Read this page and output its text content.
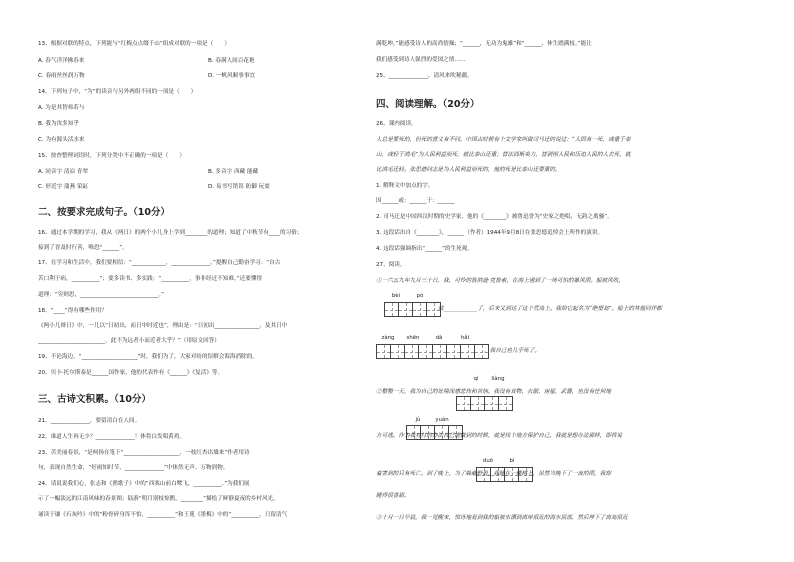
13、根据对联的特点，下列能与“红梅点点缀千山”组成对联的一项是（　　）
A. 春气洋洋拂春来	B. 春满人间百花艳
C. 春雨丝丝润万物	D. 一帆风顺事事宜
14、下列句子中，“为”的读音与另外两组不同的一项是（　　）
A. 为是其智弗若与
B. 我为汝多知乎
C. 为有源头活水来
15、按查整理词语时，下列分类中不正确的一项是（　　）
A. 同音字 清凉 青翠	B. 多音字 西藏 能藏
C. 形近字 蒲燕 染缸	D. 易书写错误 防御 玩耍
二、按要求完成句子。（10分）
16、通过本学期的学习，我从《两日》的两个小儿身上学到________的道理；知道了中秋节有____的习俗；
接到了晋及时行善，唯恐“______”。
17、在学习和生活中，我们要相信：“____________，______________。”提醒自己勤奋学习：“自古
苦口利于病，__________”；要多读书、多实践：“__________，事非经过不知难。”还要懂得
道理：“穷则思，____________________________。”
18、“____”得有哪些作用？
《两小儿辩日》中，一儿以“日初出，而日中时近也”，理由是：“日初出________________，及其日中
________________________，此不为远者小而近者大乎？”（用原文回答）
19、不论海边，“____________________”时，我们为了，大家对纷的误解会海海消除的。
20、贝卡·托尔斯泰是______国作家，他的代表作有《______》《复活》等。
三、古诗文积累。（10分）
21、______________，要留清白在人间。
22、谁道人生再无少？______________！休将白发唱黄鸡。
23、苦美丽春景，“是柯扬在笔下“____________________，一枝红杏出墙来”作者用诗
句，表现自然生命，“好雨知时节，______________”中体然无声、万物润物。
24、请说说我们心，张志和《渔歌子》中的“西塞山前白鹭飞，__________。”为我们展
示了一幅淡远的江南风味的春景图；陆游“明月别枝惊鹊，________”描绘了鲜静夏夜的乡村风光，
诵读于谦《石灰吟》中的“粉骨碎身浑不怕，__________”和王冕《墨梅》中的“__________，只留清气
满乾坤。”能感受诗人的高尚情操；“______，无功为鬼雄”和“______，休生踏满枝。”能让
我们感受到诗人强烈的爱国之情……
25、______________，清风来吹秘疆。
四、阅读理解。（20分）
26、课内阅读。
人总是要死的，但死的意义有不同。中国古时候有个文学家叫做司马迁的说过：“人固有一死，或重于泰
山，或轻于鸿毛”为人民利益而死，就比泰山还重；替法西斯卖力，替剥削人民和压迫人民的人去死，就
比鸿毛还轻。张思德同志是为人民利益而死的，他的死是比泰山还要重的。
1. 解释文中加点的字。
因______或：______于：______
2. 司马迁是中国西汉时期的史学家，他的《________》被鲁迅誉为“史家之绝唱，无韵之离骚”。
3. 这段话出自《________》，______（作者）1944年9月8日在张思德追悼会上所作的演讲。
4. 这段话强调指出“______”的生死观。
27、阅读。
①一六五九年九月三十日，我，可怜的鲁滨逊·克鲁索，在海上遇到了一场可怕的暴风雨。船被风吹，
bèi	pò
成____________了，后来又到达了这个荒岛上。我给它起名为“绝望岛”。船上的其他同伴都
zàng	shēn	dà	hǎi
，我自己也几乎死了。
qì	liàng
②整整一天，我为自己的处境深感悲伤和苦恼。我没有食物，衣服，房屋，武器，也没有任何地
jù	yuán
方可逃。作为我对付的办法自己能做到的时候，就是找个地方保护自己，我就是想办法那样，即将说
duō	bì
着害到的只有死亡。到了晚上，为了躲避野兽，我睡在一棵树上，虽然当晚下了一夜的雨，我却
睡得很香甜。
③十月一日早晨，我一觉醒来，惊讶地看到我的船被水漂到离岸很近的海水顶部，然后停下了离岛很近
